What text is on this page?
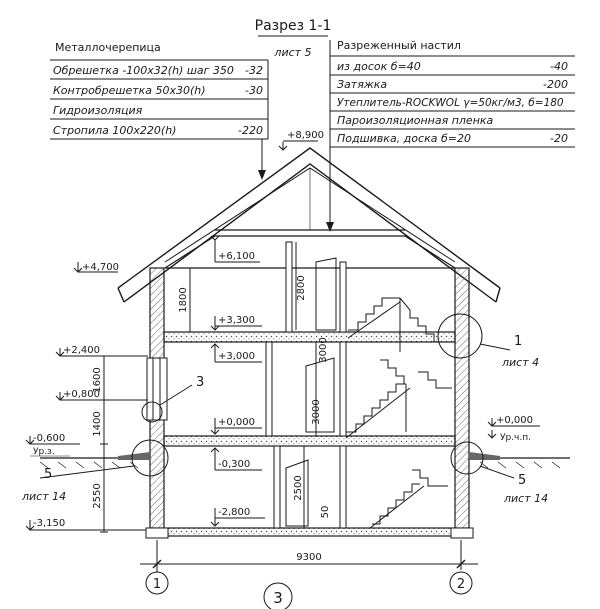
Разрез 1-1
лист 5
Металлочерепица
Обрешетка -100x32(h) шаг 350 -32
Контробрешетка 50x30(h)	-30
Гидроизоляция
Стропила 100x220(h)	-220
Разреженный настил
из досок б=40	-40
Затяжка	-200
Утеплитель-ROCKWOL γ=50кг/м3, б=180
Пароизоляционная пленка
Подшивка, доска б=20	-20
+8,900
+6,100
+3,300
+3,000
+0,000
-0,300
-2,800
2800
1800
3000
3000
2500
50
+4,700
+2,400
+0,800
-0,600
Ур.з.
-3,150
1600
1400
2550
+0,000
Ур.ч.п.
1
лист 4
3
5
лист 14
5
лист 14
9300
1	2
3
